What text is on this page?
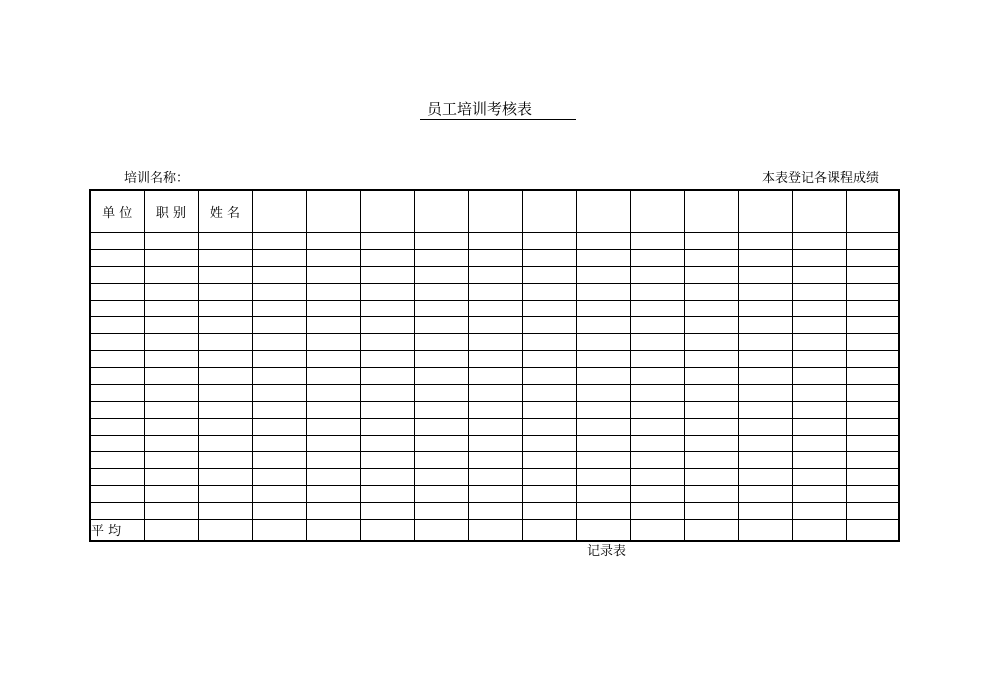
员工培训考核表
培训名称：	本表登记各课程成绩
单 位	职 别	姓 名												

平 均														
记录表
